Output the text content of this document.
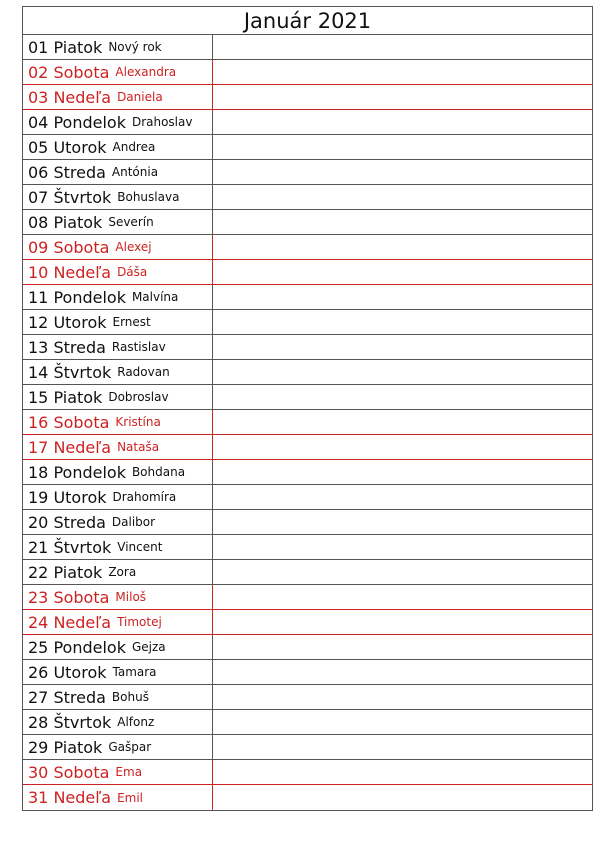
Január 2021
01 Piatok Nový rok
02 Sobota Alexandra
03 Nedeľa Daniela
04 Pondelok Drahoslav
05 Utorok Andrea
06 Streda Antónia
07 Štvrtok Bohuslava
08 Piatok Severín
09 Sobota Alexej
10 Nedeľa Dáša
11 Pondelok Malvína
12 Utorok Ernest
13 Streda Rastislav
14 Štvrtok Radovan
15 Piatok Dobroslav
16 Sobota Kristína
17 Nedeľa Nataša
18 Pondelok Bohdana
19 Utorok Drahomíra
20 Streda Dalibor
21 Štvrtok Vincent
22 Piatok Zora
23 Sobota Miloš
24 Nedeľa Timotej
25 Pondelok Gejza
26 Utorok Tamara
27 Streda Bohuš
28 Štvrtok Alfonz
29 Piatok Gašpar
30 Sobota Ema
31 Nedeľa Emil
